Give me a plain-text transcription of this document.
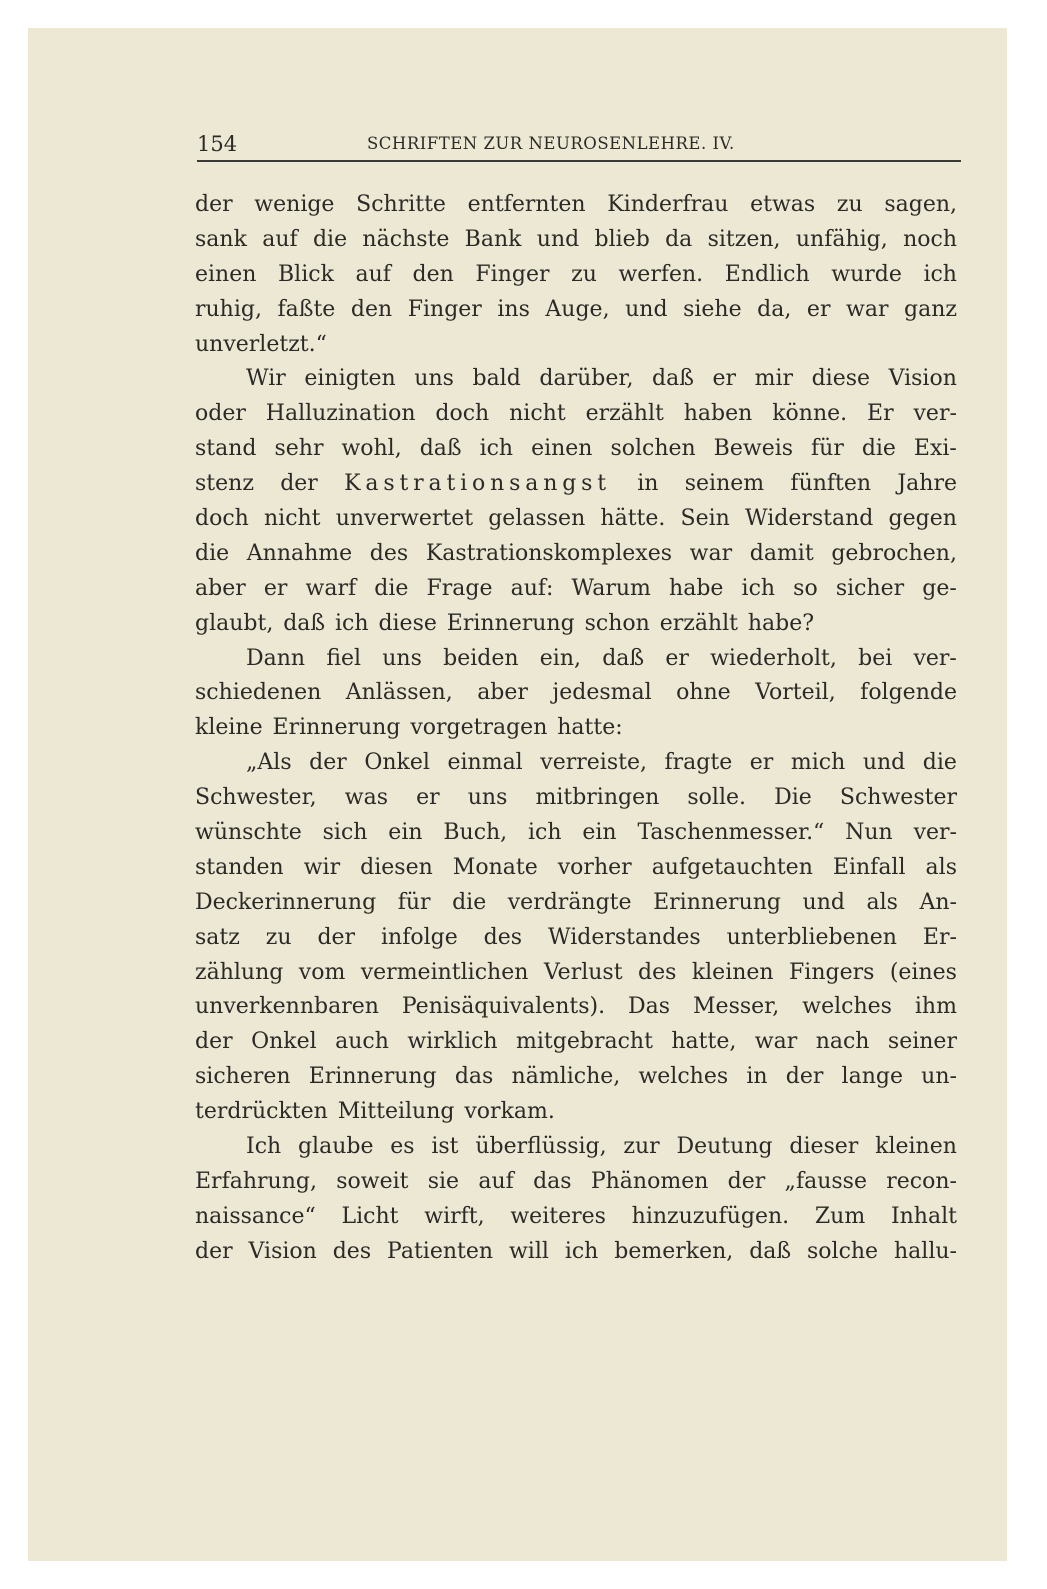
154	SCHRIFTEN ZUR NEUROSENLEHRE. IV.
der wenige Schritte entfernten Kinderfrau etwas zu sagen,
sank auf die nächste Bank und blieb da sitzen, unfähig, noch
einen Blick auf den Finger zu werfen. Endlich wurde ich
ruhig, faßte den Finger ins Auge, und siehe da, er war ganz
unverletzt.“
Wir einigten uns bald darüber, daß er mir diese Vision
oder Halluzination doch nicht erzählt haben könne. Er ver-
stand sehr wohl, daß ich einen solchen Beweis für die Exi-
stenz der Kastrationsangst in seinem fünften Jahre
doch nicht unverwertet gelassen hätte. Sein Widerstand gegen
die Annahme des Kastrationskomplexes war damit gebrochen,
aber er warf die Frage auf: Warum habe ich so sicher ge-
glaubt, daß ich diese Erinnerung schon erzählt habe?
Dann fiel uns beiden ein, daß er wiederholt, bei ver-
schiedenen Anlässen, aber jedesmal ohne Vorteil, folgende
kleine Erinnerung vorgetragen hatte:
„Als der Onkel einmal verreiste, fragte er mich und die
Schwester, was er uns mitbringen solle. Die Schwester
wünschte sich ein Buch, ich ein Taschenmesser.“ Nun ver-
standen wir diesen Monate vorher aufgetauchten Einfall als
Deckerinnerung für die verdrängte Erinnerung und als An-
satz zu der infolge des Widerstandes unterbliebenen Er-
zählung vom vermeintlichen Verlust des kleinen Fingers (eines
unverkennbaren Penisäquivalents). Das Messer, welches ihm
der Onkel auch wirklich mitgebracht hatte, war nach seiner
sicheren Erinnerung das nämliche, welches in der lange un-
terdrückten Mitteilung vorkam.
Ich glaube es ist überflüssig, zur Deutung dieser kleinen
Erfahrung, soweit sie auf das Phänomen der „fausse recon-
naissance“ Licht wirft, weiteres hinzuzufügen. Zum Inhalt
der Vision des Patienten will ich bemerken, daß solche hallu-
